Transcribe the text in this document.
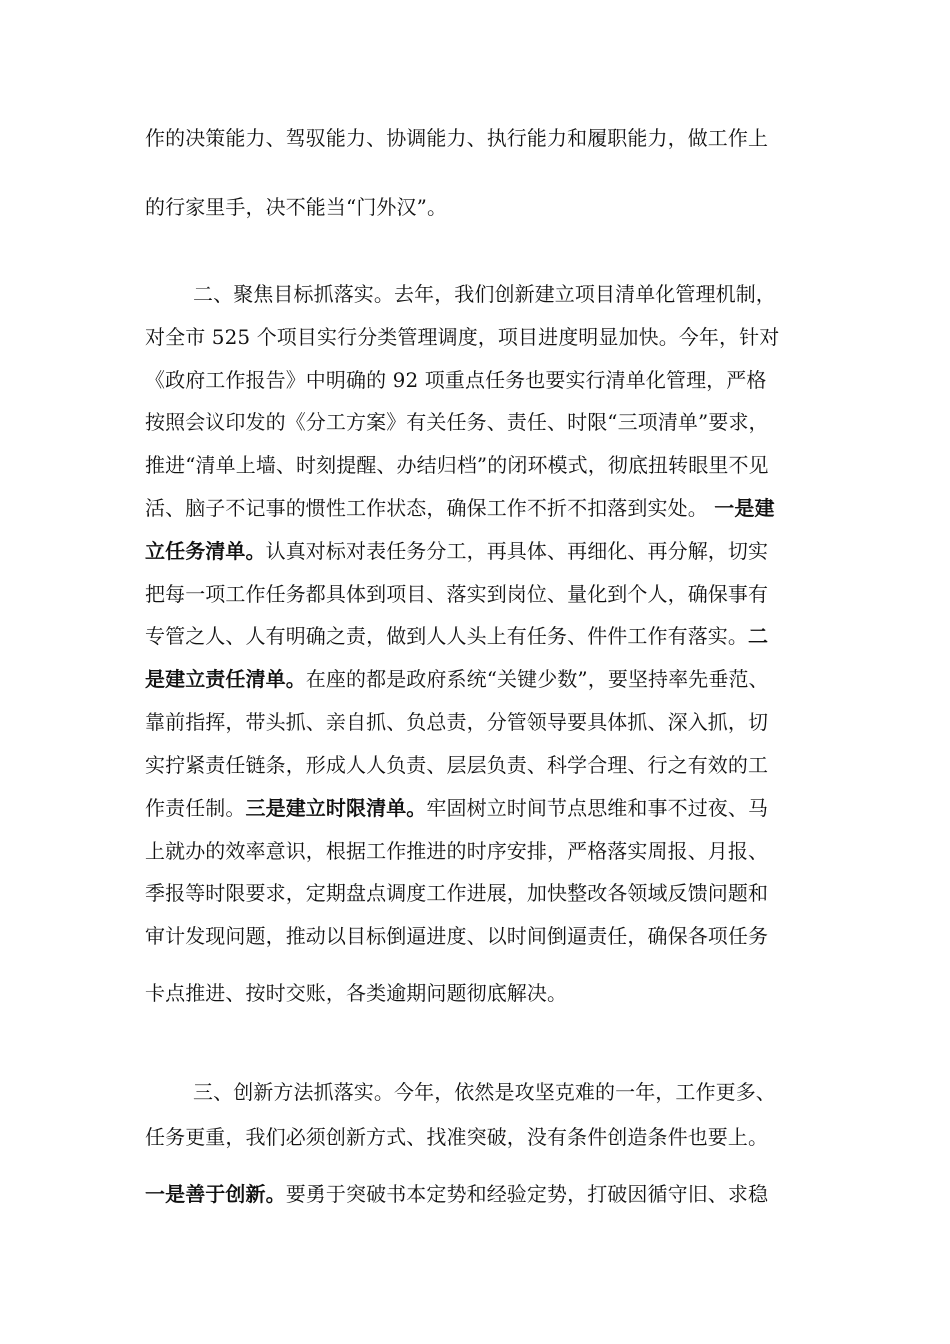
作的决策能力、驾驭能力、协调能力、执行能力和履职能力，做工作上
的行家里手，决不能当“门外汉”。
二、聚焦目标抓落实。去年，我们创新建立项目清单化管理机制，
对全市 525 个项目实行分类管理调度，项目进度明显加快。今年，针对
《政府工作报告》中明确的 92 项重点任务也要实行清单化管理，严格
按照会议印发的《分工方案》有关任务、责任、时限“三项清单”要求，
推进“清单上墙、时刻提醒、办结归档”的闭环模式，彻底扭转眼里不见
活、脑子不记事的惯性工作状态，确保工作不折不扣落到实处。 一是建
立任务清单。认真对标对表任务分工，再具体、再细化、再分解，切实
把每一项工作任务都具体到项目、落实到岗位、量化到个人，确保事有
专管之人、人有明确之责，做到人人头上有任务、件件工作有落实。二
是建立责任清单。在座的都是政府系统“关键少数”，要坚持率先垂范、
靠前指挥，带头抓、亲自抓、负总责，分管领导要具体抓、深入抓，切
实拧紧责任链条，形成人人负责、层层负责、科学合理、行之有效的工
作责任制。三是建立时限清单。牢固树立时间节点思维和事不过夜、马
上就办的效率意识，根据工作推进的时序安排，严格落实周报、月报、
季报等时限要求，定期盘点调度工作进展，加快整改各领域反馈问题和
审计发现问题，推动以目标倒逼进度、以时间倒逼责任，确保各项任务
卡点推进、按时交账，各类逾期问题彻底解决。
三、创新方法抓落实。今年，依然是攻坚克难的一年，工作更多、
任务更重，我们必须创新方式、找准突破，没有条件创造条件也要上。
一是善于创新。要勇于突破书本定势和经验定势，打破因循守旧、求稳
